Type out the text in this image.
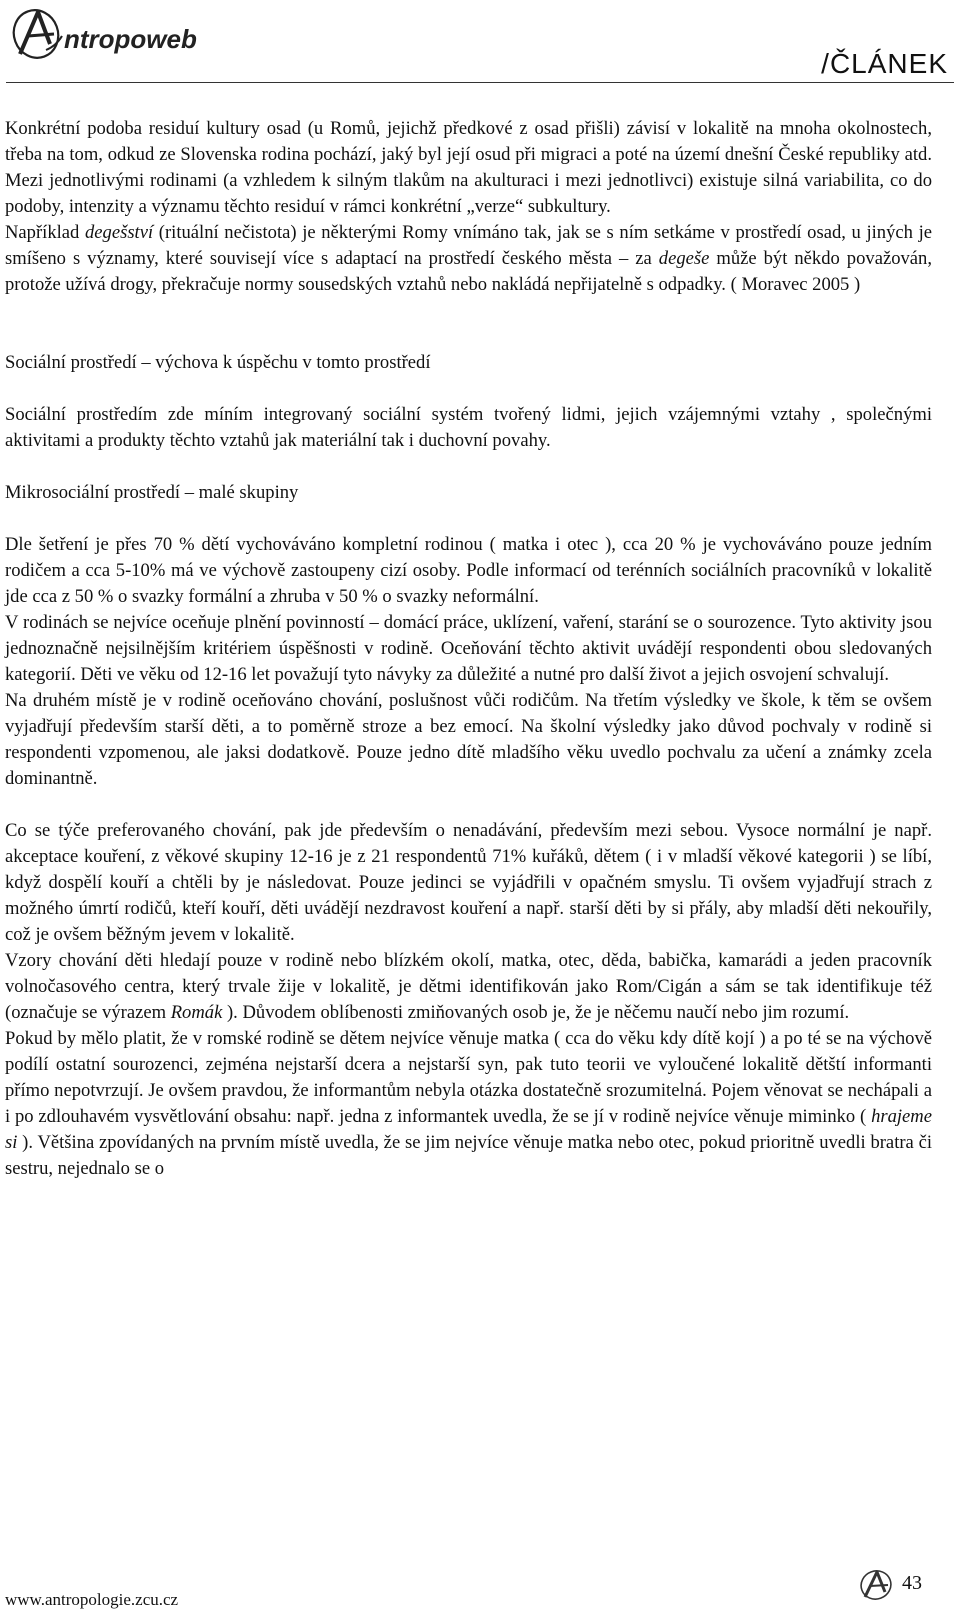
ntropoweb
/ČLÁNEK

Konkrétní podoba residuí kultury osad (u Romů, jejichž předkové z osad přišli) závisí v lokalitě na mnoha okolnostech, třeba na tom, odkud ze Slovenska rodina pochází, jaký byl její osud při migraci a poté na území dnešní České republiky atd. Mezi jednotlivými rodinami (a vzhledem k silným tlakům na akulturaci i mezi jednotlivci) existuje silná variabilita, co do podoby, intenzity a významu těchto residuí v rámci konkrétní „verze“ subkultury.

Například degešství (rituální nečistota) je některými Romy vnímáno tak, jak se s ním setkáme v prostředí osad, u jiných je smíšeno s významy, které souvisejí více s adaptací na prostředí českého města – za degeše může být někdo považován, protože užívá drogy, překračuje normy sousedských vztahů nebo nakládá nepřijatelně s odpadky. ( Moravec 2005 )

Sociální prostředí – výchova k úspěchu v tomto prostředí

Sociální prostředím zde míním integrovaný sociální systém tvořený lidmi, jejich vzájemnými vztahy , společnými aktivitami a produkty těchto vztahů jak materiální tak i duchovní povahy.

Mikrosociální prostředí – malé skupiny

Dle šetření je přes 70 % dětí vychováváno kompletní rodinou ( matka i otec ), cca 20 % je vychováváno pouze jedním rodičem a cca 5-10% má ve výchově zastoupeny cizí osoby. Podle informací od terénních sociálních pracovníků v lokalitě jde cca z 50 % o svazky formální a zhruba v 50 % o svazky neformální.

V rodinách se nejvíce oceňuje plnění povinností – domácí práce, uklízení, vaření, starání se o sourozence. Tyto aktivity jsou jednoznačně nejsilnějším kritériem úspěšnosti v rodině. Oceňování těchto aktivit uvádějí respondenti obou sledovaných kategorií. Děti ve věku od 12-16 let považují tyto návyky za důležité a nutné pro další život a jejich osvojení schvalují.

Na druhém místě je v rodině oceňováno chování, poslušnost vůči rodičům. Na třetím výsledky ve škole, k těm se ovšem vyjadřují především starší děti, a to poměrně stroze a bez emocí. Na školní výsledky jako důvod pochvaly v rodině si respondenti vzpomenou, ale jaksi dodatkově. Pouze jedno dítě mladšího věku uvedlo pochvalu za učení a známky zcela dominantně.

Co se týče preferovaného chování, pak jde především o nenadávání, především mezi sebou. Vysoce normální je např. akceptace kouření, z věkové skupiny 12-16 je z 21 respondentů 71% kuřáků, dětem ( i v mladší věkové kategorii ) se líbí, když dospělí kouří a chtěli by je následovat. Pouze jedinci se vyjádřili v opačném smyslu. Ti ovšem vyjadřují strach z možného úmrtí rodičů, kteří kouří, děti uvádějí nezdravost kouření a např. starší děti by si přály, aby mladší děti nekouřily, což je ovšem běžným jevem v lokalitě.

Vzory chování děti hledají pouze v rodině nebo blízkém okolí, matka, otec, děda, babička, kamarádi a jeden pracovník volnočasového centra, který trvale žije v lokalitě, je dětmi identifikován jako Rom/Cigán a sám se tak identifikuje též (označuje se výrazem Romák ). Důvodem oblíbenosti zmiňovaných osob je, že je něčemu naučí nebo jim rozumí.

Pokud by mělo platit, že v romské rodině se dětem nejvíce věnuje matka ( cca do věku kdy dítě kojí ) a po té se na výchově podílí ostatní sourozenci, zejména nejstarší dcera a nejstarší syn, pak tuto teorii ve vyloučené lokalitě dětští informanti přímo nepotvrzují. Je ovšem pravdou, že informantům nebyla otázka dostatečně srozumitelná. Pojem věnovat se nechápali a i po zdlouhavém vysvětlování obsahu: např. jedna z informantek uvedla, že se jí v rodině nejvíce věnuje miminko ( hrajeme si ). Většina zpovídaných na prvním místě uvedla, že se jim nejvíce věnuje matka nebo otec, pokud prioritně uvedli bratra či sestru, nejednalo se o

www.antropologie.zcu.cz
43
